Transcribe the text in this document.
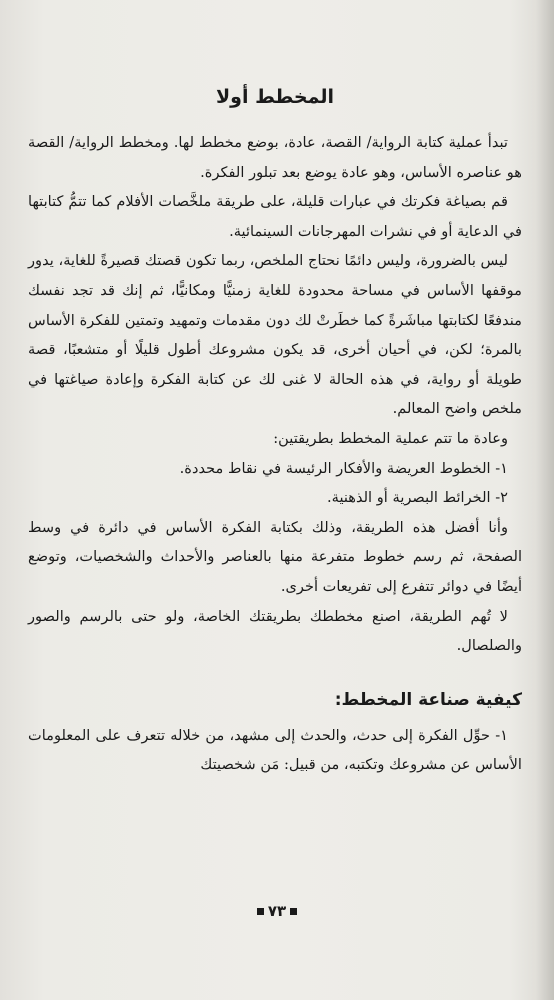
المخطط أولا

تبدأ عملية كتابة الرواية/ القصة، عادة، بوضع مخطط لها. ومخطط الرواية/ القصة هو عناصره الأساس، وهو عادة يوضع بعد تبلور الفكرة.

قم بصياغة فكرتك في عبارات قليلة، على طريقة ملخَّصات الأفلام كما تتمُّ كتابتها في الدعاية أو في نشرات المهرجانات السينمائية.

ليس بالضرورة، وليس دائمًا نحتاج الملخص، ربما تكون قصتك قصيرةً للغاية، يدور موقفها الأساس في مساحة محدودة للغاية زمنيًّا ومكانيًّا، ثم إنك قد تجد نفسك مندفعًا لكتابتها مباشَرةً كما خطَرتْ لك دون مقدمات وتمهيد وتمتين للفكرة الأساس بالمرة؛ لكن، في أحيان أخرى، قد يكون مشروعك أطول قليلًا أو متشعبًا، قصة طويلة أو رواية، في هذه الحالة لا غنى لك عن كتابة الفكرة وإعادة صياغتها في ملخص واضح المعالم.

وعادة ما تتم عملية المخطط بطريقتين:

١- الخطوط العريضة والأفكار الرئيسة في نقاط محددة.

٢- الخرائط البصرية أو الذهنية.

وأنا أفضل هذه الطريقة، وذلك بكتابة الفكرة الأساس في دائرة في وسط الصفحة، ثم رسم خطوط متفرعة منها بالعناصر والأحداث والشخصيات، وتوضع أيضًا في دوائر تتفرع إلى تفريعات أخرى.

لا تُهم الطريقة، اصنع مخططك بطريقتك الخاصة، ولو حتى بالرسم والصور والصلصال.

كيفية صناعة المخطط:

١- حوِّل الفكرة إلى حدث، والحدث إلى مشهد، من خلاله تتعرف على المعلومات الأساس عن مشروعك وتكتبه، من قبيل: مَن شخصيتك

٧٣
